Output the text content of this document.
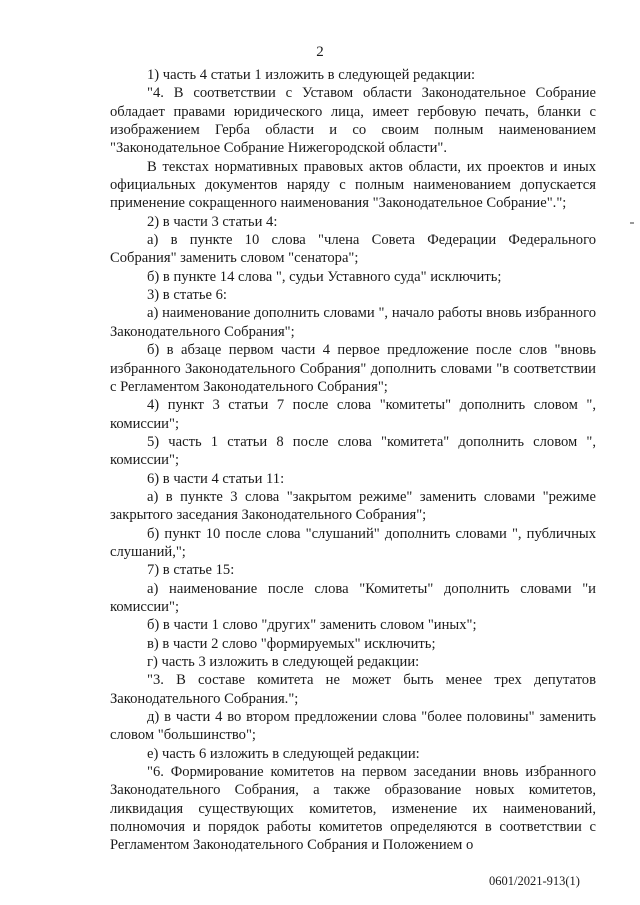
2

1) часть 4 статьи 1 изложить в следующей редакции:

"4. В соответствии с Уставом области Законодательное Собрание обладает правами юридического лица, имеет гербовую печать, бланки с изображением Герба области и со своим полным наименованием "Законодательное Собрание Нижегородской области".

В текстах нормативных правовых актов области, их проектов и иных официальных документов наряду с полным наименованием допускается применение сокращенного наименования "Законодательное Собрание".";

2) в части 3 статьи 4:

а) в пункте 10 слова "члена Совета Федерации Федерального Собрания" заменить словом "сенатора";

б) в пункте 14 слова ", судьи Уставного суда" исключить;

3) в статье 6:

а) наименование дополнить словами ", начало работы вновь избранного Законодательного Собрания";

б) в абзаце первом части 4 первое предложение после слов "вновь избранного Законодательного Собрания" дополнить словами "в соответствии с Регламентом Законодательного Собрания";

4) пункт 3 статьи 7 после слова "комитеты" дополнить словом ", комиссии";

5) часть 1 статьи 8 после слова "комитета" дополнить словом ", комиссии";

6) в части 4 статьи 11:

а) в пункте 3 слова "закрытом режиме" заменить словами "режиме закрытого заседания Законодательного Собрания";

б) пункт 10 после слова "слушаний" дополнить словами ", публичных слушаний,";

7) в статье 15:

а) наименование после слова "Комитеты" дополнить словами "и комиссии";

б) в части 1 слово "других" заменить словом "иных";

в) в части 2 слово "формируемых" исключить;

г) часть 3 изложить в следующей редакции:

"3. В составе комитета не может быть менее трех депутатов Законодательного Собрания.";

д) в части 4 во втором предложении слова "более половины" заменить словом "большинство";

е) часть 6 изложить в следующей редакции:

"6. Формирование комитетов на первом заседании вновь избранного Законодательного Собрания, а также образование новых комитетов, ликвидация существующих комитетов, изменение их наименований, полномочия и порядок работы комитетов определяются в соответствии с Регламентом Законодательного Собрания и Положением о

0601/2021-913(1)
